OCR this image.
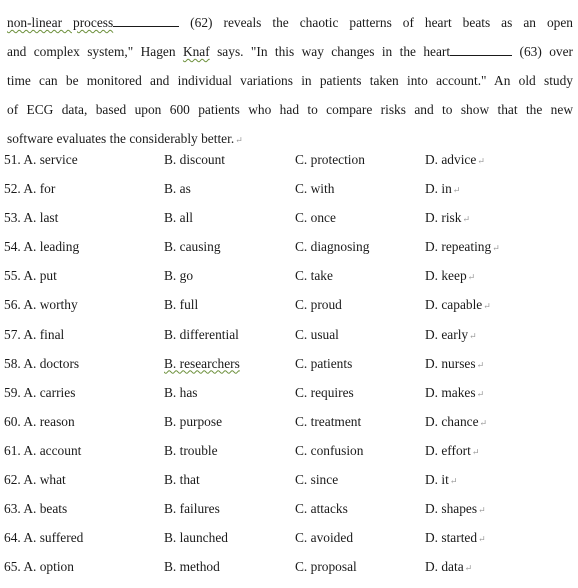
non-linear process	(62) reveals the chaotic patterns of heart beats as an open
and complex system," Hagen Knaf says. "In this way changes in the heart	(63) over
time can be monitored and individual variations in patients taken into account." An old study
of ECG data, based upon 600 patients who had to compare risks and to show that the new
software evaluates the considerably better.↵
51. A. service	B. discount	C. protection	D. advice↵
52. A. for	B. as	C. with	D. in↵
53. A. last	B. all	C. once	D. risk↵
54. A. leading	B. causing	C. diagnosing	D. repeating↵
55. A. put	B. go	C. take	D. keep↵
56. A. worthy	B. full	C. proud	D. capable↵
57. A. final	B. differential	C. usual	D. early↵
58. A. doctors	B. researchers	C. patients	D. nurses↵
59. A. carries	B. has	C. requires	D. makes↵
60. A. reason	B. purpose	C. treatment	D. chance↵
61. A. account	B. trouble	C. confusion	D. effort↵
62. A. what	B. that	C. since	D. it↵
63. A. beats	B. failures	C. attacks	D. shapes↵
64. A. suffered	B. launched	C. avoided	D. started↵
65. A. option	B. method	C. proposal	D. data↵
